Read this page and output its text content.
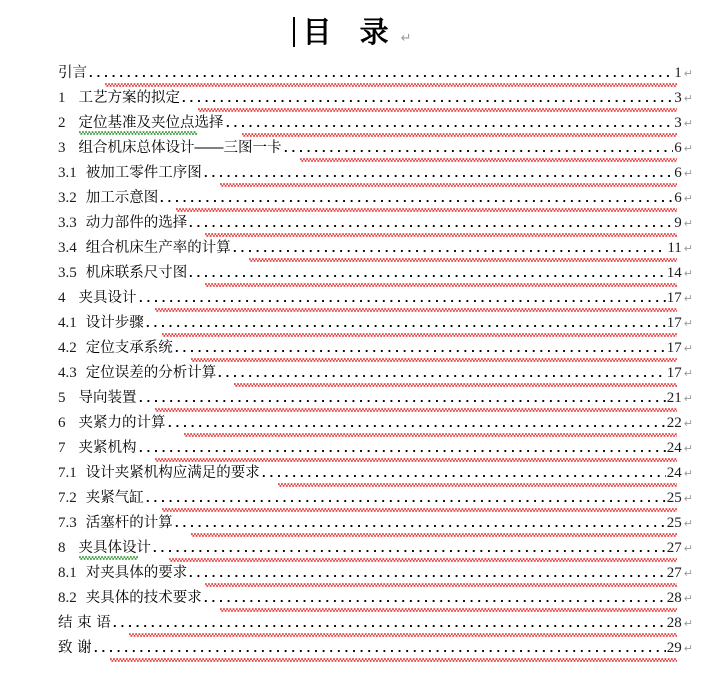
目 录 ↵
引言	1 ↵
1 工艺方案的拟定	3 ↵
2 定位基准及夹位点选择	3 ↵
3 组合机床总体设计――三图一卡	6 ↵
3.1 被加工零件工序图	6 ↵
3.2 加工示意图	6 ↵
3.3 动力部件的选择	9 ↵
3.4 组合机床生产率的计算	11 ↵
3.5 机床联系尺寸图	14 ↵
4 夹具设计	17 ↵
4.1 设计步骤	17 ↵
4.2 定位支承系统	17 ↵
4.3 定位误差的分析计算	17 ↵
5 导向装置	21 ↵
6 夹紧力的计算	22 ↵
7 夹紧机构	24 ↵
7.1 设计夹紧机构应满足的要求	24 ↵
7.2 夹紧气缸	25 ↵
7.3 活塞杆的计算	25 ↵
8 夹具体设计	27 ↵
8.1 对夹具体的要求	27 ↵
8.2 夹具体的技术要求	28 ↵
结 束 语	28 ↵
致 谢	29 ↵
